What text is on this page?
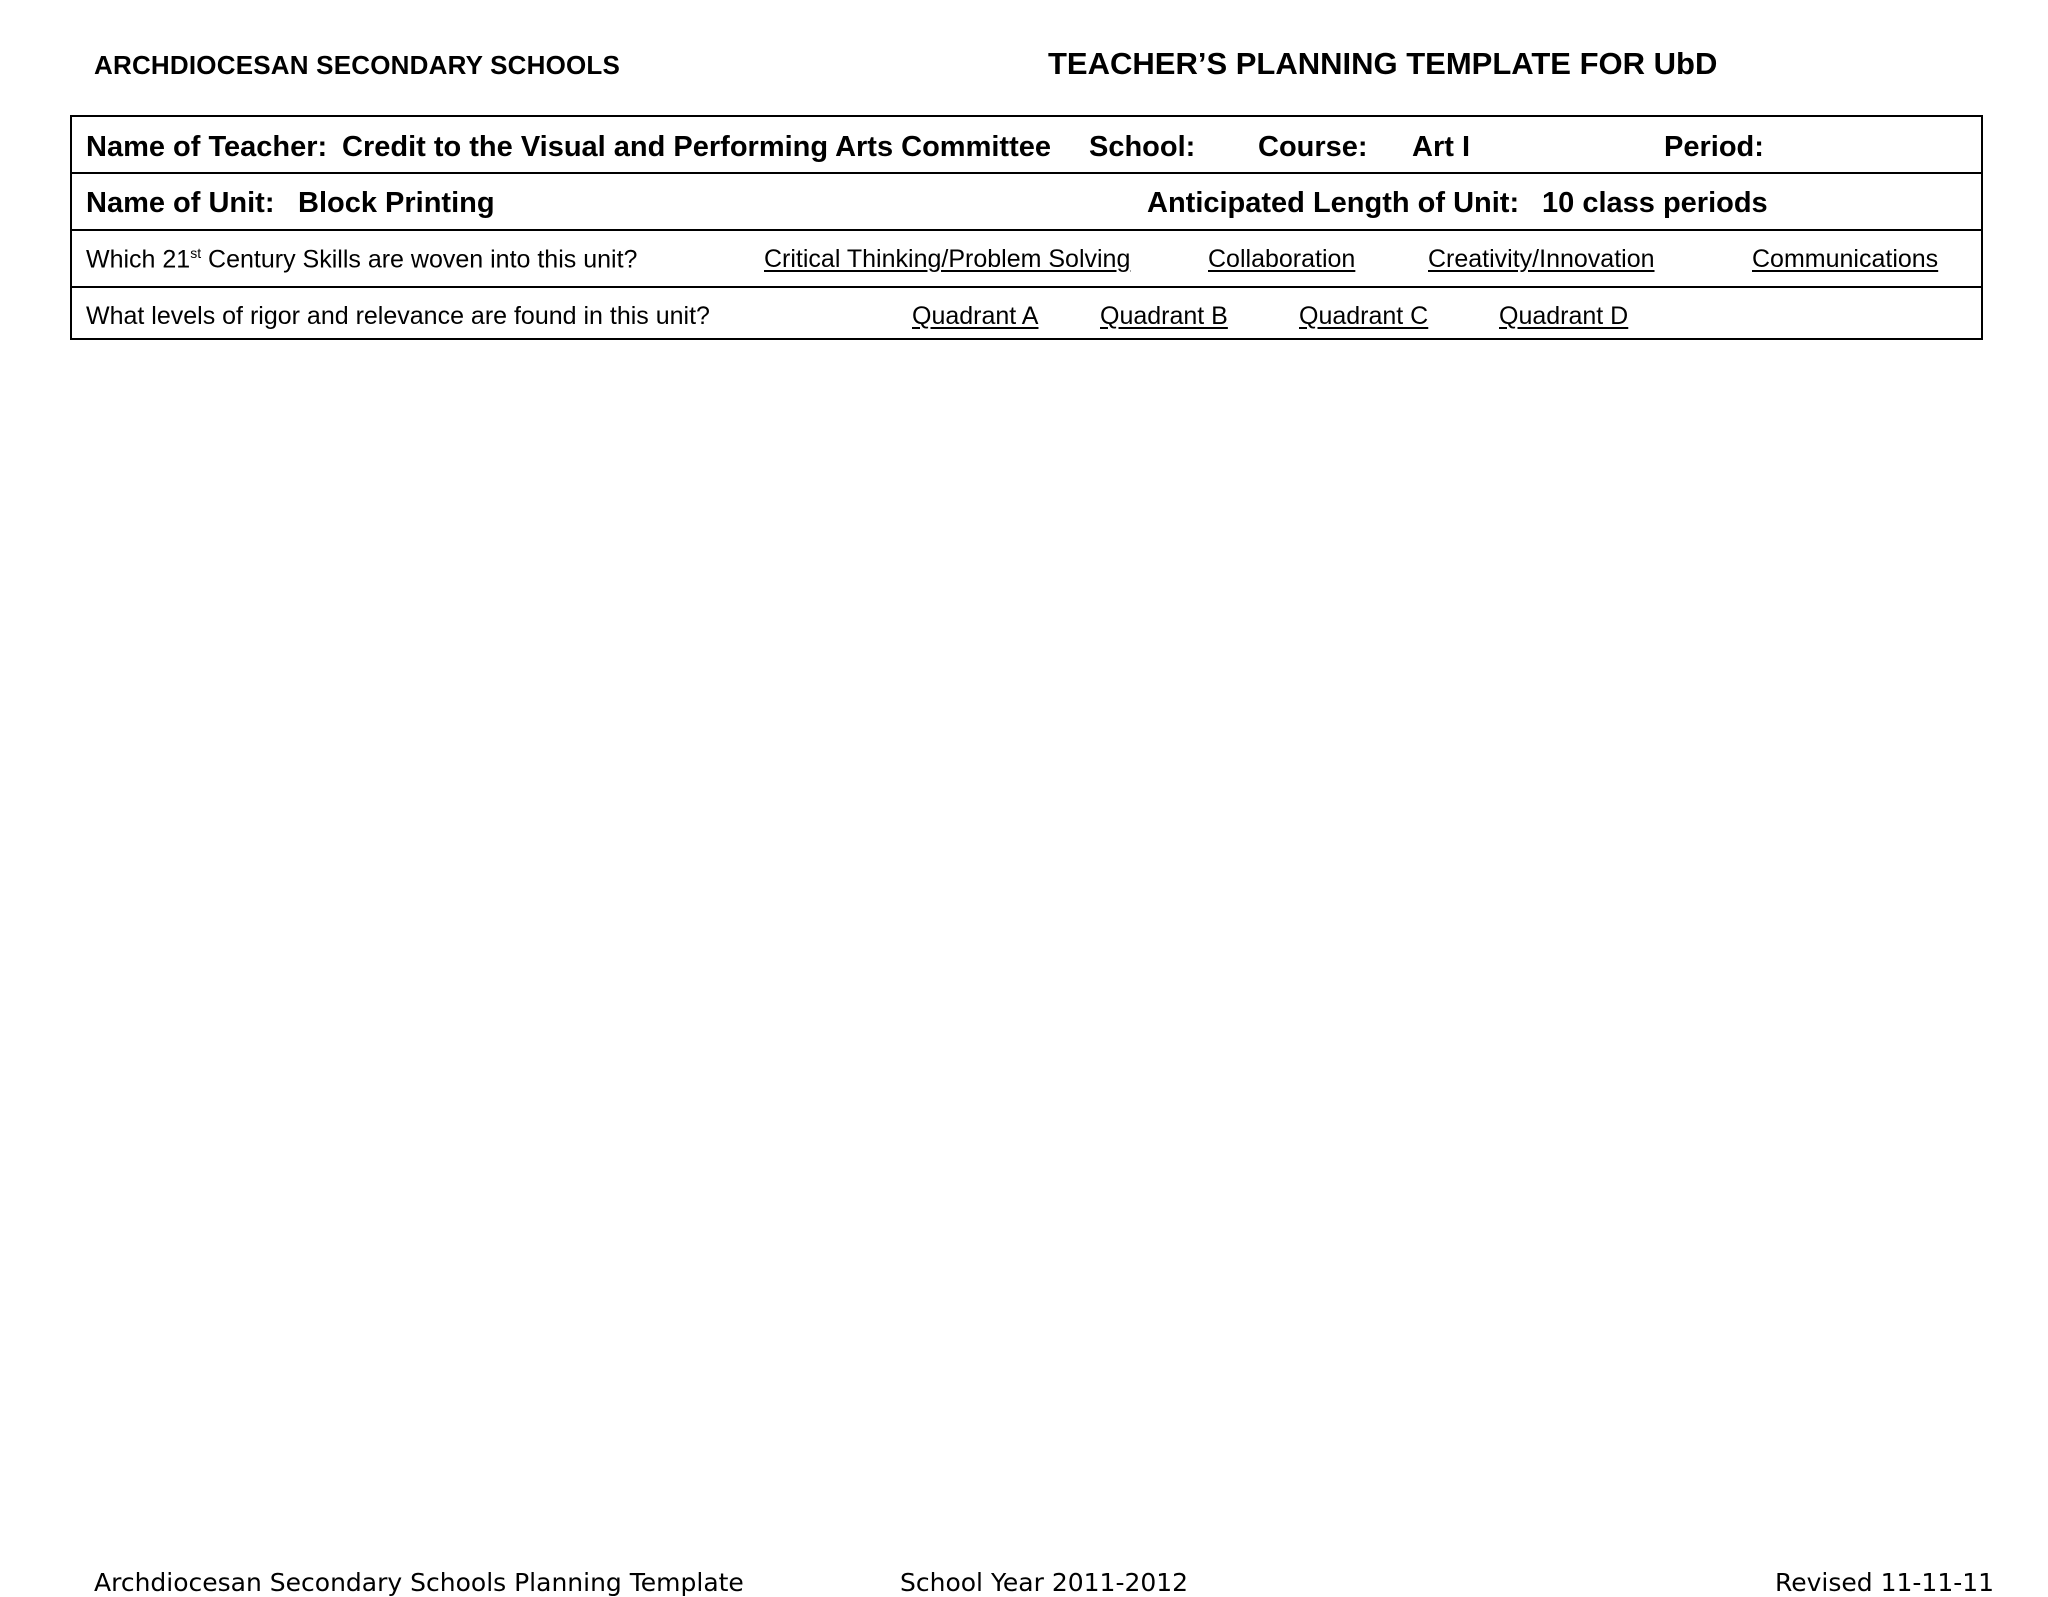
ARCHDIOCESAN SECONDARY SCHOOLS	TEACHER’S PLANNING TEMPLATE FOR UbD
Name of Teacher: Credit to the Visual and Performing Arts Committee School: Course: Art I	Period:
Name of Unit: Block Printing	Anticipated Length of Unit: 10 class periods
Which 21st Century Skills are woven into this unit?	Critical Thinking/Problem Solving	Collaboration	Creativity/Innovation	Communications
What levels of rigor and relevance are found in this unit?	Quadrant A Quadrant B	Quadrant C	Quadrant D
Archdiocesan Secondary Schools Planning Template	School Year 2011-2012	Revised 11-11-11
